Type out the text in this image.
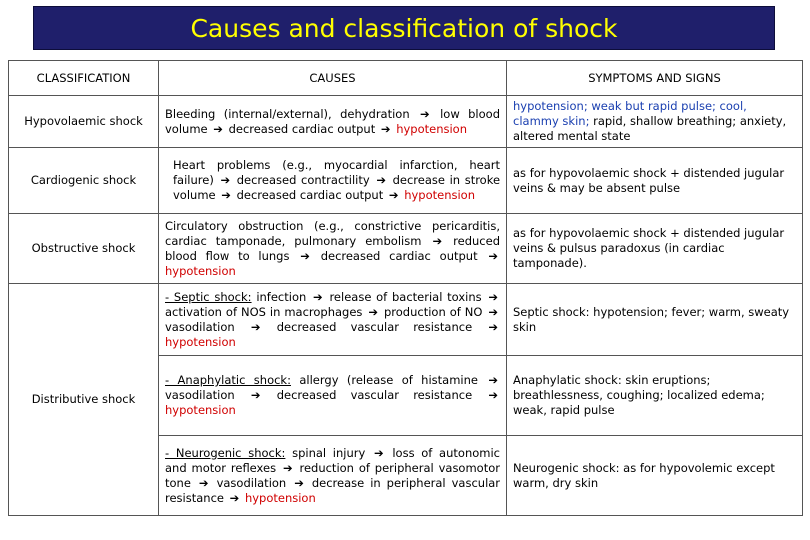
Causes and classification of shock
CLASSIFICATION	CAUSES	SYMPTOMS AND SIGNS
Hypovolaemic shock	Bleeding (internal/external), dehydration ➔ low blood volume ➔ decreased cardiac output ➔ hypotension	hypotension; weak but rapid pulse; cool, clammy skin; rapid, shallow breathing; anxiety, altered mental state
Cardiogenic shock	Heart problems (e.g., myocardial infarction, heart failure) ➔ decreased contractility ➔ decrease in stroke volume ➔ decreased cardiac output ➔ hypotension	as for hypovolaemic shock + distended jugular veins & may be absent pulse
Obstructive shock	Circulatory obstruction (e.g., constrictive pericarditis, cardiac tamponade, pulmonary embolism ➔ reduced blood flow to lungs ➔ decreased cardiac output ➔ hypotension	as for hypovolaemic shock + distended jugular veins & pulsus paradoxus (in cardiac tamponade).
Distributive shock	- Septic shock: infection ➔ release of bacterial toxins ➔ activation of NOS in macrophages ➔ production of NO ➔ vasodilation ➔ decreased vascular resistance ➔ hypotension	Septic shock: hypotension; fever; warm, sweaty skin
	- Anaphylatic shock: allergy (release of histamine ➔ vasodilation ➔ decreased vascular resistance ➔ hypotension	Anaphylatic shock: skin eruptions; breathlessness, coughing; localized edema; weak, rapid pulse
	- Neurogenic shock: spinal injury ➔ loss of autonomic and motor reflexes ➔ reduction of peripheral vasomotor tone ➔ vasodilation ➔ decrease in peripheral vascular resistance ➔ hypotension	Neurogenic shock: as for hypovolemic except warm, dry skin
